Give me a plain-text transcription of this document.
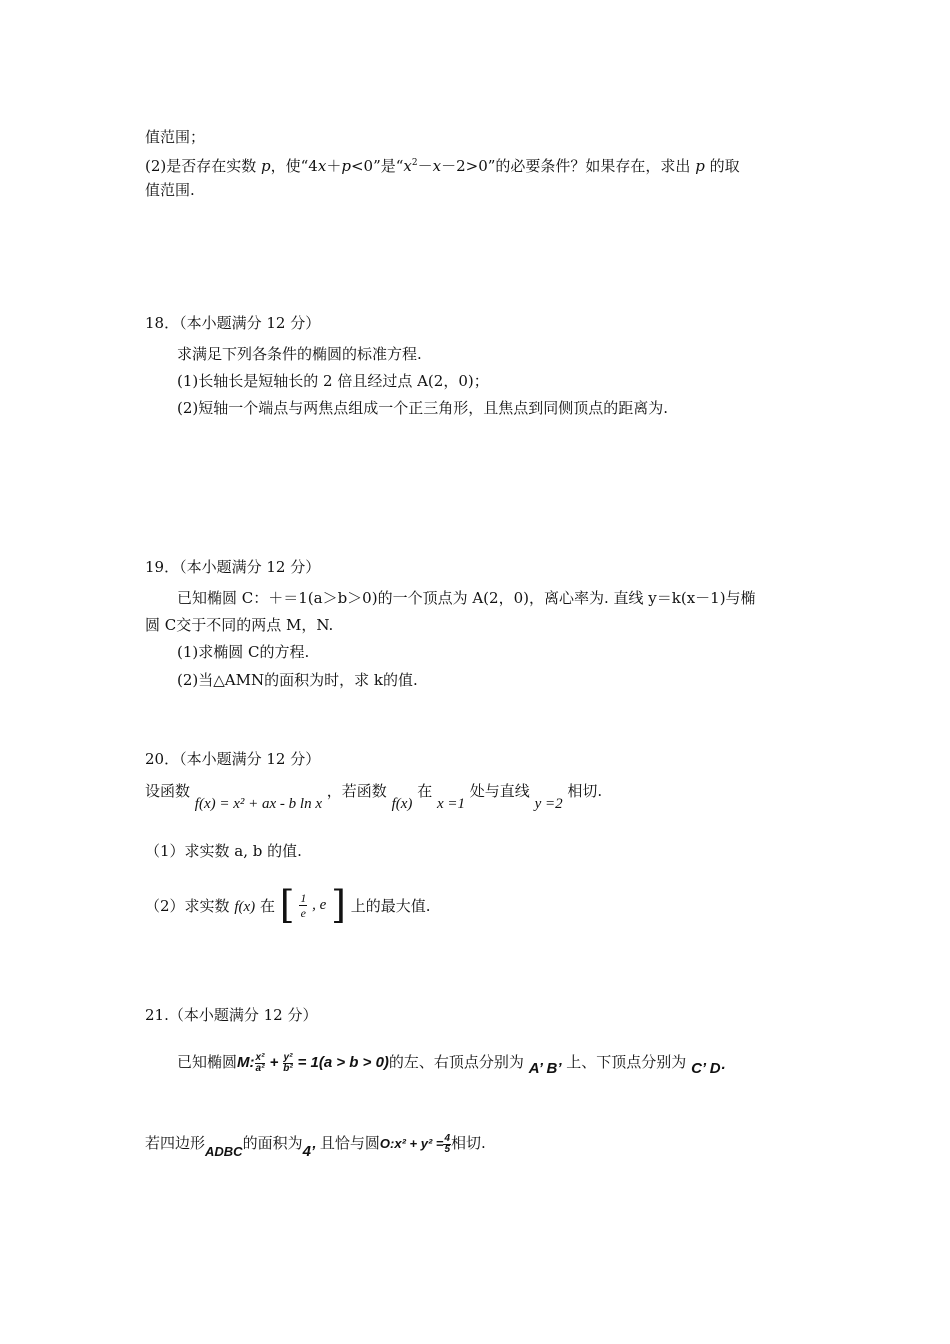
值范围；
(2)是否存在实数 p，使“4x＋p<0”是“$x^2-x-2>0$”的必要条件？如果存在，求出 p 的取
值范围.
18．（本小题满分 12 分）
求满足下列各条件的椭圆的标准方程.
(1)长轴长是短轴长的 2 倍且经过点 A(2，0)；
(2)短轴一个端点与两焦点组成一个正三角形，且焦点到同侧顶点的距离为.
19．（本小题满分 12 分）
已知椭圆 C：＋＝1(a＞b＞0)的一个顶点为 A(2，0)，离心率为. 直线 y＝k(x－1)与椭
圆 C交于不同的两点 M，N.
(1)求椭圆 C的方程.
(2)当△AMN的面积为时，求 k的值.
20．（本小题满分 12 分）
设函数 f(x) = x² + ax - b ln x ，若函数 f(x) 在 x =1 处与直线 y =2 相切.
（1）求实数 a, b 的值.
（2）求实数 f(x) 在 [ $\frac{1}{e}$ , e ] 上的最大值.
21.（本小题满分 12 分）
已知椭圆M: $\frac{\text{x²}}{\text{a²}} + \frac{\text{y²}}{\text{b²}} = 1(a > b > 0)$的左、右顶点分别为 A’ B’ 上、下顶点分别为 C’ D·
若四边形ADBC的面积为4’ 且恰与圆O:x² + $y^2 = \frac{4}{5}$ 相切.
